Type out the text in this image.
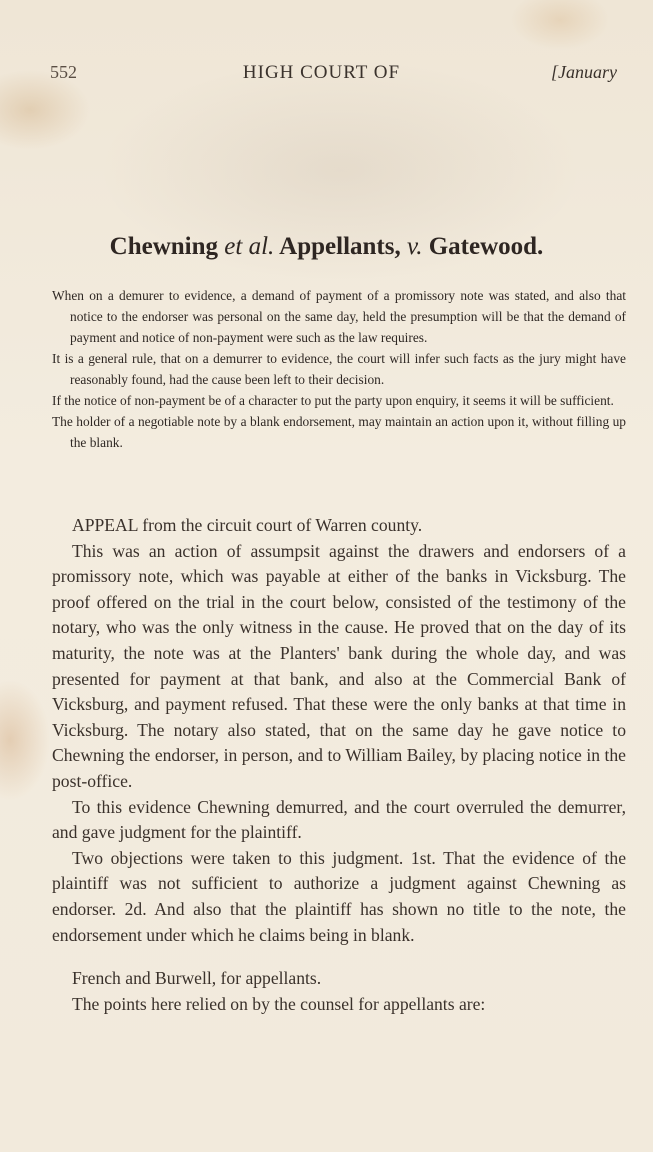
552	HIGH COURT OF	[January
Chewning et al. Appellants, v. Gatewood.

When on a demurer to evidence, a demand of payment of a promissory note was stated, and also that notice to the endorser was personal on the same day, held the presumption will be that the demand of payment and notice of non-payment were such as the law requires.

It is a general rule, that on a demurrer to evidence, the court will infer such facts as the jury might have reasonably found, had the cause been left to their decision.

If the notice of non-payment be of a character to put the party upon enquiry, it seems it will be sufficient.

The holder of a negotiable note by a blank endorsement, may maintain an action upon it, without filling up the blank.

APPEAL from the circuit court of Warren county.

This was an action of assumpsit against the drawers and endorsers of a promissory note, which was payable at either of the banks in Vicksburg. The proof offered on the trial in the court below, consisted of the testimony of the notary, who was the only witness in the cause. He proved that on the day of its maturity, the note was at the Planters' bank during the whole day, and was presented for payment at that bank, and also at the Commercial Bank of Vicksburg, and payment refused. That these were the only banks at that time in Vicksburg. The notary also stated, that on the same day he gave notice to Chewning the endorser, in person, and to William Bailey, by placing notice in the post-office.

To this evidence Chewning demurred, and the court overruled the demurrer, and gave judgment for the plaintiff.

Two objections were taken to this judgment. 1st. That the evidence of the plaintiff was not sufficient to authorize a judgment against Chewning as endorser. 2d. And also that the plaintiff has shown no title to the note, the endorsement under which he claims being in blank.

French and Burwell, for appellants.

The points here relied on by the counsel for appellants are:
